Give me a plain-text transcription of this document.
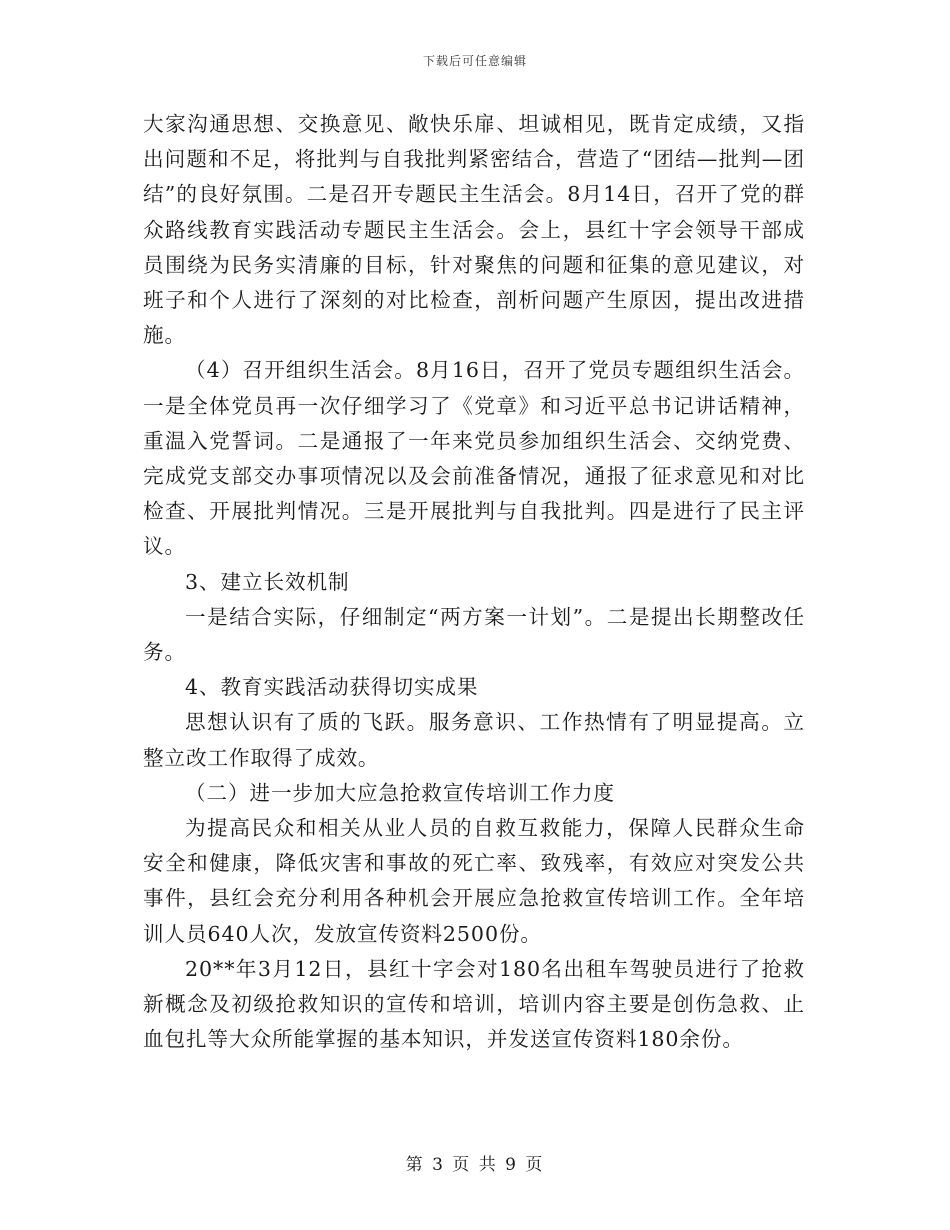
下载后可任意编辑

大家沟通思想、交换意见、敞快乐扉、坦诚相见，既肯定成绩，又指出问题和不足，将批判与自我批判紧密结合，营造了“团结—批判—团结”的良好氛围。二是召开专题民主生活会。8月14日，召开了党的群众路线教育实践活动专题民主生活会。会上，县红十字会领导干部成员围绕为民务实清廉的目标，针对聚焦的问题和征集的意见建议，对班子和个人进行了深刻的对比检查，剖析问题产生原因，提出改进措施。

（4）召开组织生活会。8月16日，召开了党员专题组织生活会。一是全体党员再一次仔细学习了《党章》和习近平总书记讲话精神，重温入党誓词。二是通报了一年来党员参加组织生活会、交纳党费、完成党支部交办事项情况以及会前准备情况，通报了征求意见和对比检查、开展批判情况。三是开展批判与自我批判。四是进行了民主评议。

3、建立长效机制

一是结合实际，仔细制定“两方案一计划”。二是提出长期整改任务。

4、教育实践活动获得切实成果

思想认识有了质的飞跃。服务意识、工作热情有了明显提高。立整立改工作取得了成效。

（二）进一步加大应急抢救宣传培训工作力度

为提高民众和相关从业人员的自救互救能力，保障人民群众生命安全和健康，降低灾害和事故的死亡率、致残率，有效应对突发公共事件，县红会充分利用各种机会开展应急抢救宣传培训工作。全年培训人员640人次，发放宣传资料2500份。

20**年3月12日，县红十字会对180名出租车驾驶员进行了抢救新概念及初级抢救知识的宣传和培训，培训内容主要是创伤急救、止血包扎等大众所能掌握的基本知识，并发送宣传资料180余份。

第 3 页 共 9 页
